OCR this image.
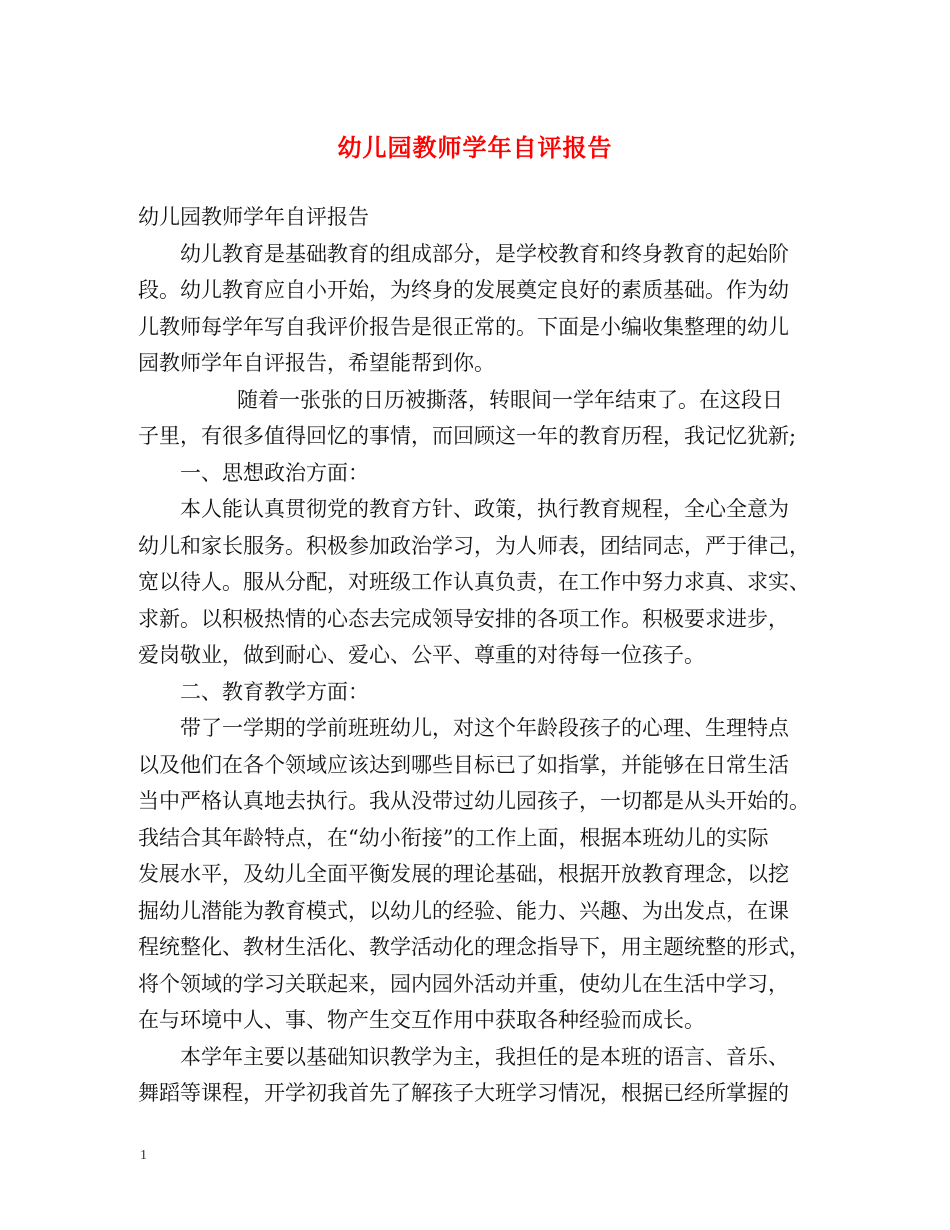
幼儿园教师学年自评报告
幼儿园教师学年自评报告
幼儿教育是基础教育的组成部分，是学校教育和终身教育的起始阶
段。幼儿教育应自小开始，为终身的发展奠定良好的素质基础。作为幼
儿教师每学年写自我评价报告是很正常的。下面是小编收集整理的幼儿
园教师学年自评报告，希望能帮到你。
随着一张张的日历被撕落，转眼间一学年结束了。在这段日
子里，有很多值得回忆的事情，而回顾这一年的教育历程，我记忆犹新;
一、思想政治方面：
本人能认真贯彻党的教育方针、政策，执行教育规程，全心全意为
幼儿和家长服务。积极参加政治学习，为人师表，团结同志，严于律己，
宽以待人。服从分配，对班级工作认真负责，在工作中努力求真、求实、
求新。以积极热情的心态去完成领导安排的各项工作。积极要求进步，
爱岗敬业，做到耐心、爱心、公平、尊重的对待每一位孩子。
二、教育教学方面：
带了一学期的学前班班幼儿，对这个年龄段孩子的心理、生理特点
以及他们在各个领域应该达到哪些目标已了如指掌，并能够在日常生活
当中严格认真地去执行。我从没带过幼儿园孩子，一切都是从头开始的。
我结合其年龄特点，在“幼小衔接”的工作上面，根据本班幼儿的实际
发展水平，及幼儿全面平衡发展的理论基础，根据开放教育理念，以挖
掘幼儿潜能为教育模式，以幼儿的经验、能力、兴趣、为出发点，在课
程统整化、教材生活化、教学活动化的理念指导下，用主题统整的形式，
将个领域的学习关联起来，园内园外活动并重，使幼儿在生活中学习，
在与环境中人、事、物产生交互作用中获取各种经验而成长。
本学年主要以基础知识教学为主，我担任的是本班的语言、音乐、
舞蹈等课程，开学初我首先了解孩子大班学习情况，根据已经所掌握的
1
